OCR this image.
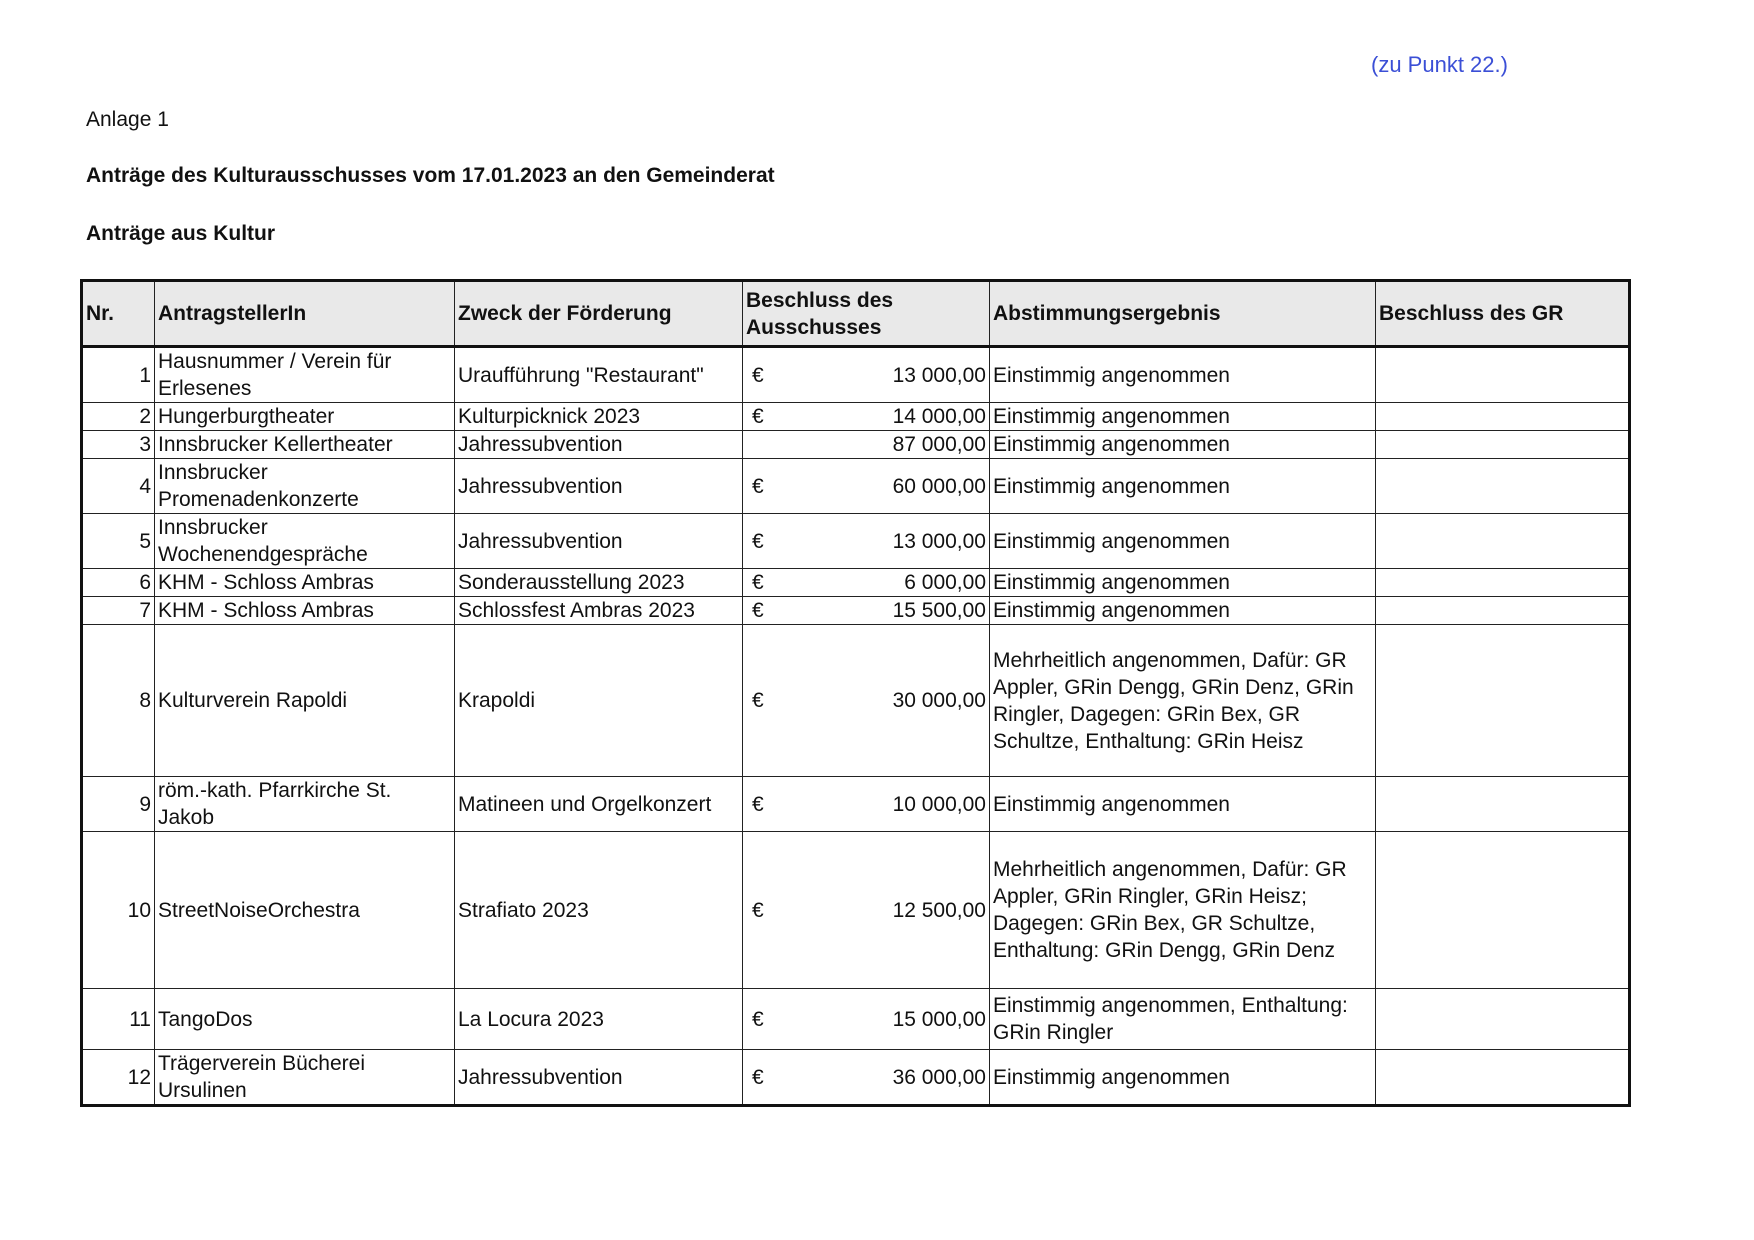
(zu Punkt 22.)
Anlage 1
Anträge des Kulturausschusses vom 17.01.2023 an den Gemeinderat
Anträge aus Kultur
Nr.	AntragstellerIn	Zweck der Förderung	Beschluss des Ausschusses	Abstimmungsergebnis	Beschluss des GR
1	Hausnummer / Verein für Erlesenes	Uraufführung "Restaurant"	€ 13 000,00	Einstimmig angenommen	
2	Hungerburgtheater	Kulturpicknick 2023	€ 14 000,00	Einstimmig angenommen	
3	Innsbrucker Kellertheater	Jahressubvention	87 000,00	Einstimmig angenommen	
4	Innsbrucker Promenadenkonzerte	Jahressubvention	€ 60 000,00	Einstimmig angenommen	
5	Innsbrucker Wochenendgespräche	Jahressubvention	€ 13 000,00	Einstimmig angenommen	
6	KHM - Schloss Ambras	Sonderausstellung 2023	€ 6 000,00	Einstimmig angenommen	
7	KHM - Schloss Ambras	Schlossfest Ambras 2023	€ 15 500,00	Einstimmig angenommen	
8	Kulturverein Rapoldi	Krapoldi	€ 30 000,00	Mehrheitlich angenommen, Dafür: GR Appler, GRin Dengg, GRin Denz, GRin Ringler, Dagegen: GRin Bex, GR Schultze, Enthaltung: GRin Heisz	
9	röm.-kath. Pfarrkirche St. Jakob	Matineen und Orgelkonzert	€ 10 000,00	Einstimmig angenommen	
10	StreetNoiseOrchestra	Strafiato 2023	€ 12 500,00	Mehrheitlich angenommen, Dafür: GR Appler, GRin Ringler, GRin Heisz; Dagegen: GRin Bex, GR Schultze, Enthaltung: GRin Dengg, GRin Denz	
11	TangoDos	La Locura 2023	€ 15 000,00	Einstimmig angenommen, Enthaltung: GRin Ringler	
12	Trägerverein Bücherei Ursulinen	Jahressubvention	€ 36 000,00	Einstimmig angenommen	
